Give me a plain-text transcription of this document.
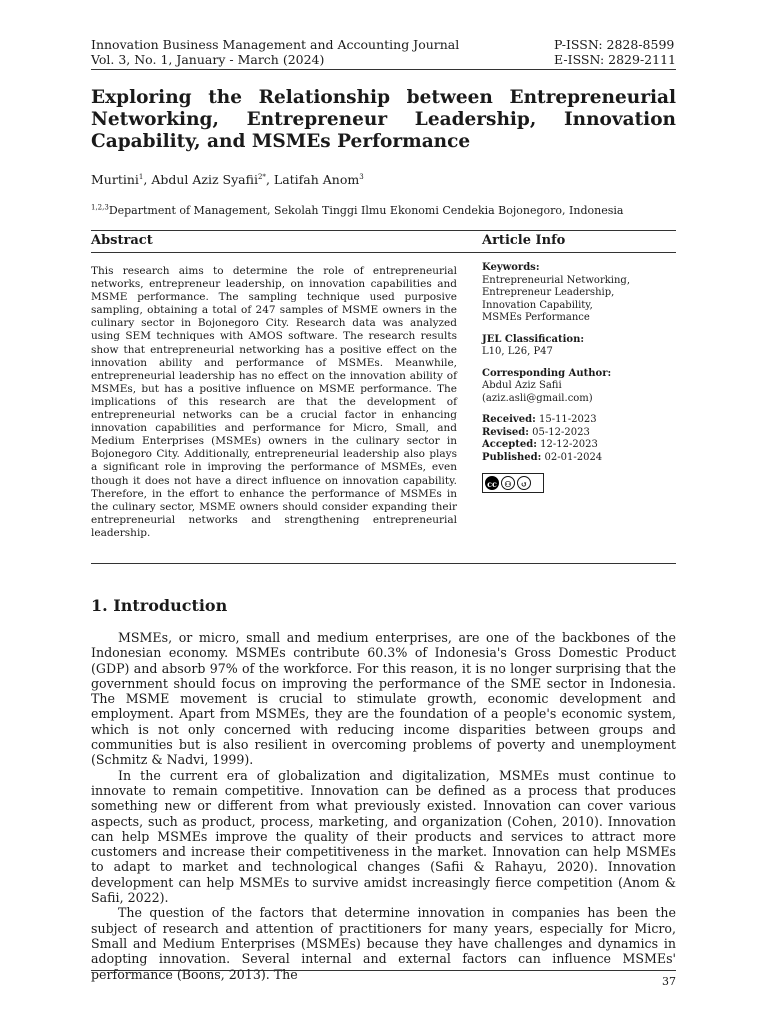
Innovation Business Management and Accounting Journal
Vol. 3, No. 1, January - March (2024)
P-ISSN: 2828-8599
E-ISSN: 2829-2111
Exploring the Relationship between Entrepreneurial Networking, Entrepreneur Leadership, Innovation Capability, and MSMEs Performance
Murtini$^1$, Abdul Aziz Syafii$^{2*}$, Latifah Anom$^3$
$^{1,2,3}$Department of Management, Sekolah Tinggi Ilmu Ekonomi Cendekia Bojonegoro, Indonesia
Abstract	Article Info
This research aims to determine the role of entrepreneurial networks, entrepreneur leadership, on innovation capabilities and MSME performance. The sampling technique used purposive sampling, obtaining a total of 247 samples of MSME owners in the culinary sector in Bojonegoro City. Research data was analyzed using SEM techniques with AMOS software. The research results show that entrepreneurial networking has a positive effect on the innovation ability and performance of MSMEs. Meanwhile, entrepreneurial leadership has no effect on the innovation ability of MSMEs, but has a positive influence on MSME performance. The implications of this research are that the development of entrepreneurial networks can be a crucial factor in enhancing innovation capabilities and performance for Micro, Small, and Medium Enterprises (MSMEs) owners in the culinary sector in Bojonegoro City. Additionally, entrepreneurial leadership also plays a significant role in improving the performance of MSMEs, even though it does not have a direct influence on innovation capability. Therefore, in the effort to enhance the performance of MSMEs in the culinary sector, MSME owners should consider expanding their entrepreneurial networks and strengthening entrepreneurial leadership.
Keywords:
Entrepreneurial Networking,
Entrepreneur Leadership,
Innovation Capability,
MSMEs Performance
JEL Classification:
L10, L26, P47
Corresponding Author:
Abdul Aziz Safii
(aziz.asli@gmail.com)
Received: 15-11-2023
Revised: 05-12-2023
Accepted: 12-12-2023
Published: 02-01-2024
cc ⚇	↺
1. Introduction

MSMEs, or micro, small and medium enterprises, are one of the backbones of the Indonesian economy. MSMEs contribute 60.3% of Indonesia's Gross Domestic Product (GDP) and absorb 97% of the workforce. For this reason, it is no longer surprising that the government should focus on improving the performance of the SME sector in Indonesia. The MSME movement is crucial to stimulate growth, economic development and employment. Apart from MSMEs, they are the foundation of a people's economic system, which is not only concerned with reducing income disparities between groups and communities but is also resilient in overcoming problems of poverty and unemployment (Schmitz & Nadvi, 1999).

In the current era of globalization and digitalization, MSMEs must continue to innovate to remain competitive. Innovation can be defined as a process that produces something new or different from what previously existed. Innovation can cover various aspects, such as product, process, marketing, and organization (Cohen, 2010). Innovation can help MSMEs improve the quality of their products and services to attract more customers and increase their competitiveness in the market. Innovation can help MSMEs to adapt to market and technological changes (Safii & Rahayu, 2020). Innovation development can help MSMEs to survive amidst increasingly fierce competition (Anom & Safii, 2022).

The question of the factors that determine innovation in companies has been the subject of research and attention of practitioners for many years, especially for Micro, Small and Medium Enterprises (MSMEs) because they have challenges and dynamics in adopting innovation. Several internal and external factors can influence MSMEs' performance (Boons, 2013). The	37
